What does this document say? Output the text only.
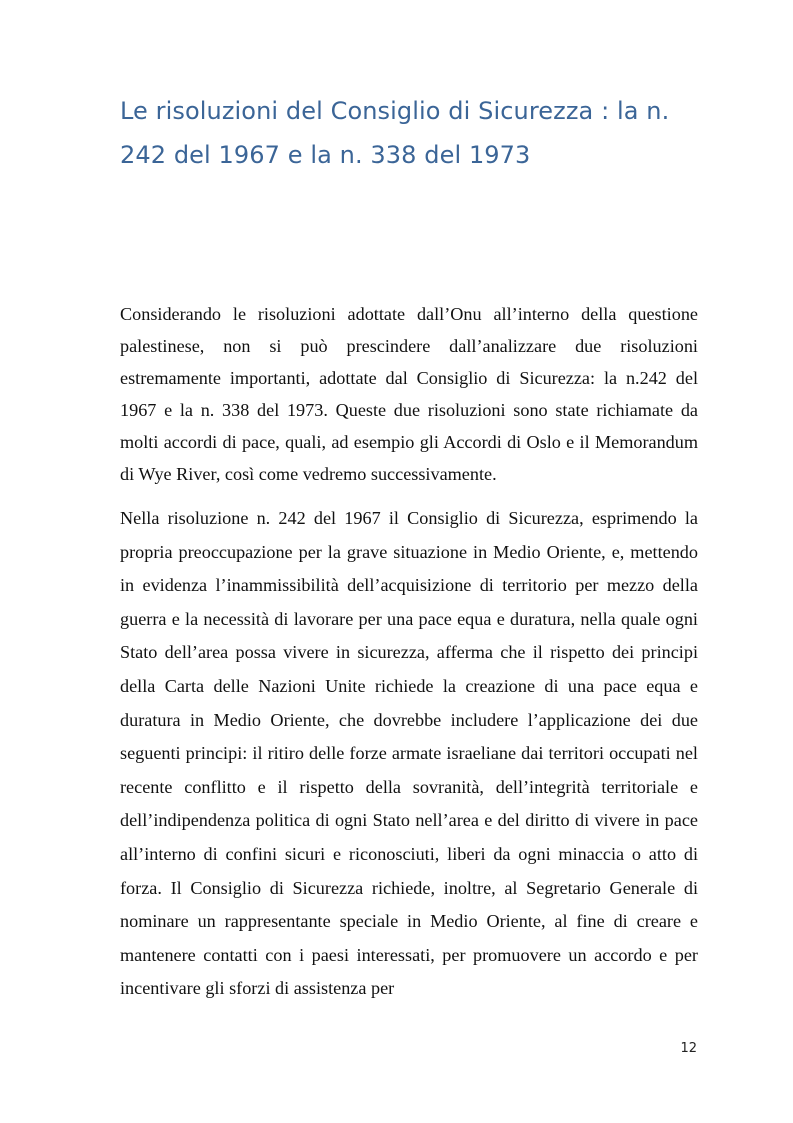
Le risoluzioni del Consiglio di Sicurezza : la n. 242 del 1967 e la n. 338 del 1973

Considerando le risoluzioni adottate dall’Onu all’interno della questione palestinese, non si può prescindere dall’analizzare due risoluzioni estremamente importanti, adottate dal Consiglio di Sicurezza: la n.242 del 1967 e la n. 338 del 1973. Queste due risoluzioni sono state richiamate da molti accordi di pace, quali, ad esempio gli Accordi di Oslo e il Memorandum di Wye River, così come vedremo successivamente.

Nella risoluzione n. 242 del 1967 il Consiglio di Sicurezza, esprimendo la propria preoccupazione per la grave situazione in Medio Oriente, e, mettendo in evidenza l’inammissibilità dell’acquisizione di territorio per mezzo della guerra e la necessità di lavorare per una pace equa e duratura, nella quale ogni Stato dell’area possa vivere in sicurezza, afferma che il rispetto dei principi della Carta delle Nazioni Unite richiede la creazione di una pace equa e duratura in Medio Oriente, che dovrebbe includere l’applicazione dei due seguenti principi: il ritiro delle forze armate israeliane dai territori occupati nel recente conflitto e il rispetto della sovranità, dell’integrità territoriale e dell’indipendenza politica di ogni Stato nell’area e del diritto di vivere in pace all’interno di confini sicuri e riconosciuti, liberi da ogni minaccia o atto di forza. Il Consiglio di Sicurezza richiede, inoltre, al Segretario Generale di nominare un rappresentante speciale in Medio Oriente, al fine di creare e mantenere contatti con i paesi interessati, per promuovere un accordo e per incentivare gli sforzi di assistenza per

12
